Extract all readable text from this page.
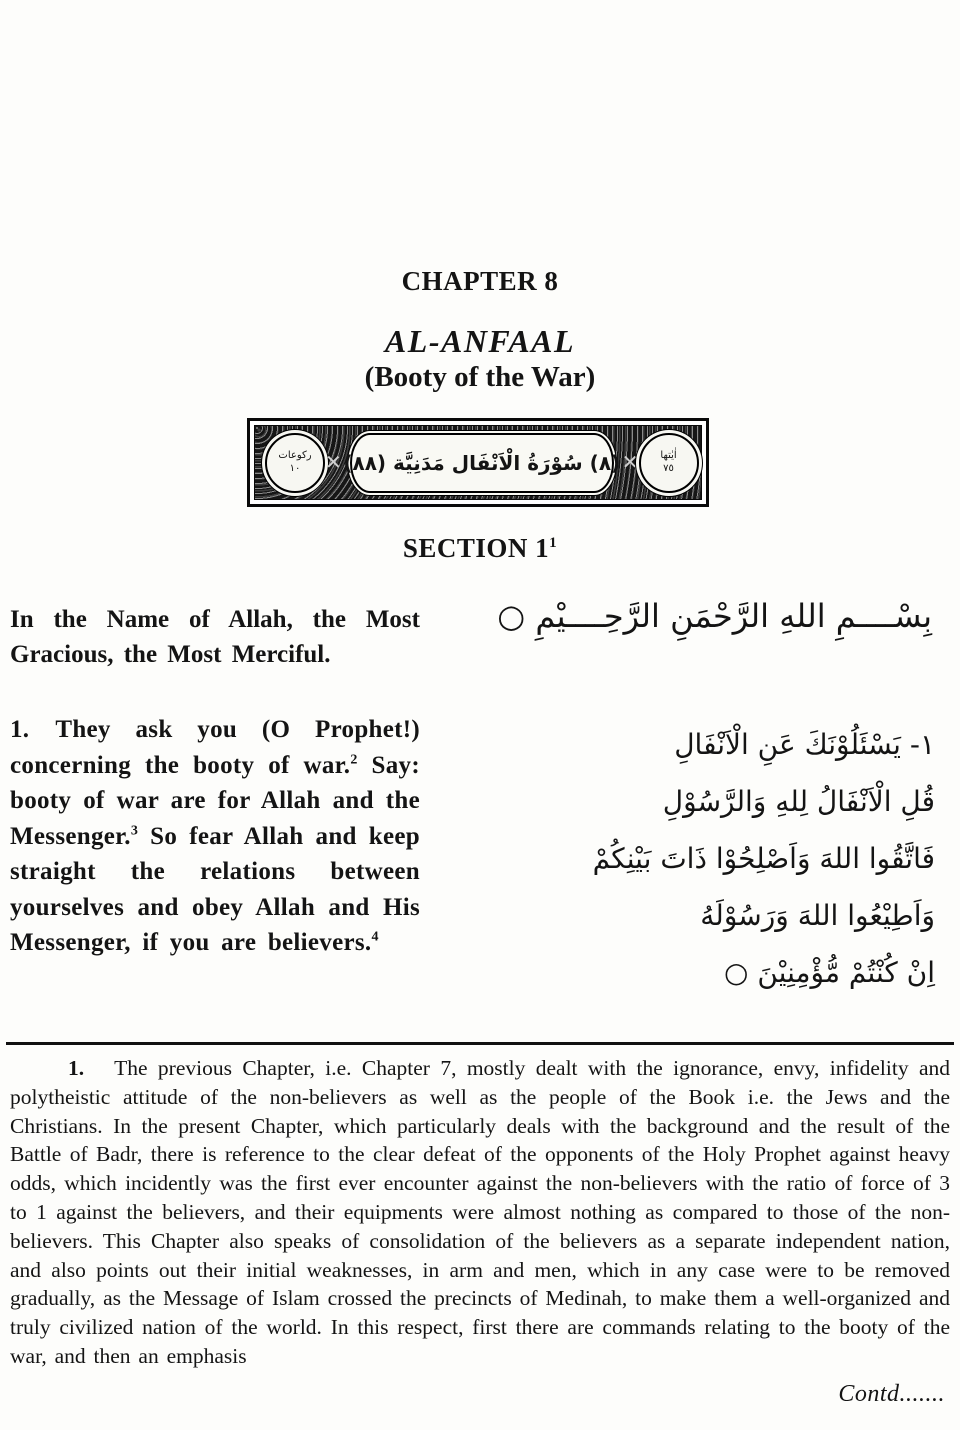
CHAPTER 8
AL-ANFAAL
(Booty of the War)
ركوعات
١٠ ✕ (٨) سُوْرَةُ الْاَنْفَال مَدَنِيَّة (٨٨) ✕ اٰيٰتها
٧٥
SECTION $1^1$

In the Name of Allah, the Most Gracious, the Most Merciful.

بِسْــــمِ اللهِ الرَّحْمَنِ الرَّحِــــيْمِ ○

1. They ask you (O Prophet!) concerning the booty of war.$^2$ Say: booty of war are for Allah and the Messenger.$^3$ So fear Allah and keep straight the relations between yourselves and obey Allah and His Messenger, if you are believers.$^4$

١- يَسْئَلُوْنَكَ عَنِ الْاَنْفَالِ
قُلِ الْاَنْفَالُ لِلهِ وَالرَّسُوْلِ
فَاتَّقُوا اللهَ وَاَصْلِحُوْا ذَاتَ بَيْنِكُمْ
وَاَطِيْعُوا اللهَ وَرَسُوْلَهُ
اِنْ كُنْتُمْ مُّؤْمِنِيْنَ ○

1. The previous Chapter, i.e. Chapter 7, mostly dealt with the ignorance, envy, infidelity and polytheistic attitude of the non-believers as well as the people of the Book i.e. the Jews and the Christians. In the present Chapter, which particularly deals with the background and the result of the Battle of Badr, there is reference to the clear defeat of the opponents of the Holy Prophet against heavy odds, which incidently was the first ever encounter against the non-believers with the ratio of force of 3 to 1 against the believers, and their equipments were almost nothing as compared to those of the non-believers. This Chapter also speaks of consolidation of the believers as a separate independent nation, and also points out their initial weaknesses, in arm and men, which in any case were to be removed gradually, as the Message of Islam crossed the precincts of Medinah, to make them a well-organized and truly civilized nation of the world. In this respect, first there are commands relating to the booty of the war, and then an emphasis

Contd.......
